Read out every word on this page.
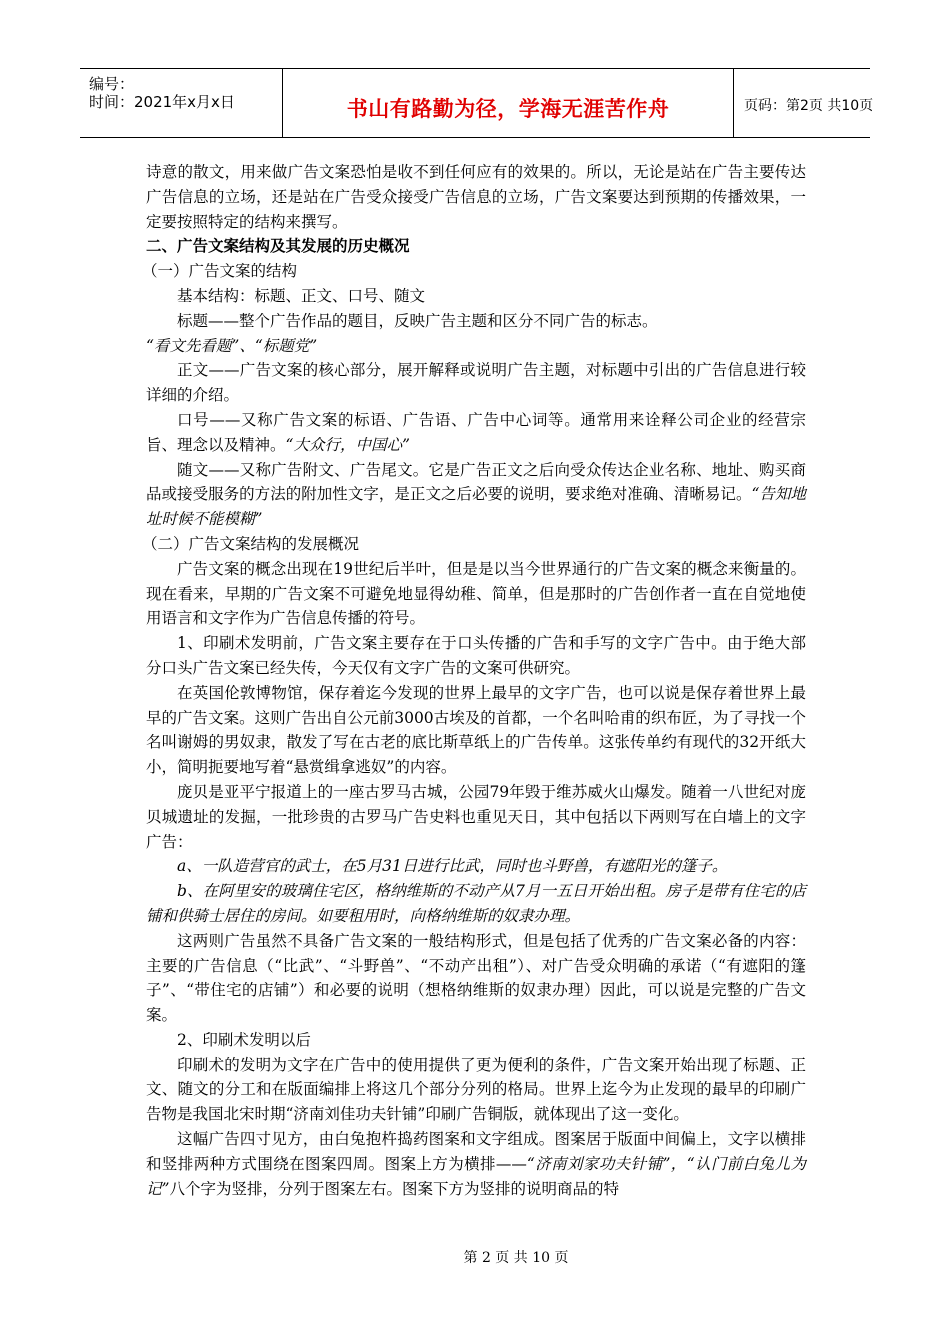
编号：
时间：2021年x月x日	书山有路勤为径，学海无涯苦作舟	页码：第2页 共10页

诗意的散文，用来做广告文案恐怕是收不到任何应有的效果的。所以，无论是站在广告主要传达广告信息的立场，还是站在广告受众接受广告信息的立场，广告文案要达到预期的传播效果，一定要按照特定的结构来撰写。

二、广告文案结构及其发展的历史概况

（一）广告文案的结构

基本结构：标题、正文、口号、随文

标题——整个广告作品的题目，反映广告主题和区分不同广告的标志。

“看文先看题”、“标题党”

正文——广告文案的核心部分，展开解释或说明广告主题，对标题中引出的广告信息进行较详细的介绍。

口号——又称广告文案的标语、广告语、广告中心词等。通常用来诠释公司企业的经营宗旨、理念以及精神。“大众行，中国心”

随文——又称广告附文、广告尾文。它是广告正文之后向受众传达企业名称、地址、购买商品或接受服务的方法的附加性文字，是正文之后必要的说明，要求绝对准确、清晰易记。“告知地址时候不能模糊”

（二）广告文案结构的发展概况

广告文案的概念出现在19世纪后半叶，但是是以当今世界通行的广告文案的概念来衡量的。现在看来，早期的广告文案不可避免地显得幼稚、简单，但是那时的广告创作者一直在自觉地使用语言和文字作为广告信息传播的符号。

1、印刷术发明前，广告文案主要存在于口头传播的广告和手写的文字广告中。由于绝大部分口头广告文案已经失传，今天仅有文字广告的文案可供研究。

在英国伦敦博物馆，保存着迄今发现的世界上最早的文字广告，也可以说是保存着世界上最早的广告文案。这则广告出自公元前3000古埃及的首都，一个名叫哈甫的织布匠，为了寻找一个名叫谢姆的男奴隶，散发了写在古老的底比斯草纸上的广告传单。这张传单约有现代的32开纸大小，简明扼要地写着“悬赏缉拿逃奴”的内容。

庞贝是亚平宁报道上的一座古罗马古城，公园79年毁于维苏威火山爆发。随着一八世纪对庞贝城遗址的发掘，一批珍贵的古罗马广告史料也重见天日，其中包括以下两则写在白墙上的文字广告：

a、一队造营官的武士，在5月31日进行比武，同时也斗野兽，有遮阳光的篷子。

b、在阿里安的玻璃住宅区，格纳维斯的不动产从7月一五日开始出租。房子是带有住宅的店铺和供骑士居住的房间。如要租用时，向格纳维斯的奴隶办理。

这两则广告虽然不具备广告文案的一般结构形式，但是包括了优秀的广告文案必备的内容：主要的广告信息（“比武”、“斗野兽”、“不动产出租”）、对广告受众明确的承诺（“有遮阳的篷子”、“带住宅的店铺”）和必要的说明（想格纳维斯的奴隶办理）因此，可以说是完整的广告文案。

2、印刷术发明以后

印刷术的发明为文字在广告中的使用提供了更为便利的条件，广告文案开始出现了标题、正文、随文的分工和在版面编排上将这几个部分分列的格局。世界上迄今为止发现的最早的印刷广告物是我国北宋时期“济南刘佳功夫针铺”印刷广告铜版，就体现出了这一变化。

这幅广告四寸见方，由白兔抱杵捣药图案和文字组成。图案居于版面中间偏上，文字以横排和竖排两种方式围绕在图案四周。图案上方为横排——“济南刘家功夫针铺”，“认门前白兔儿为记”八个字为竖排，分列于图案左右。图案下方为竖排的说明商品的特

第 2 页 共 10 页
